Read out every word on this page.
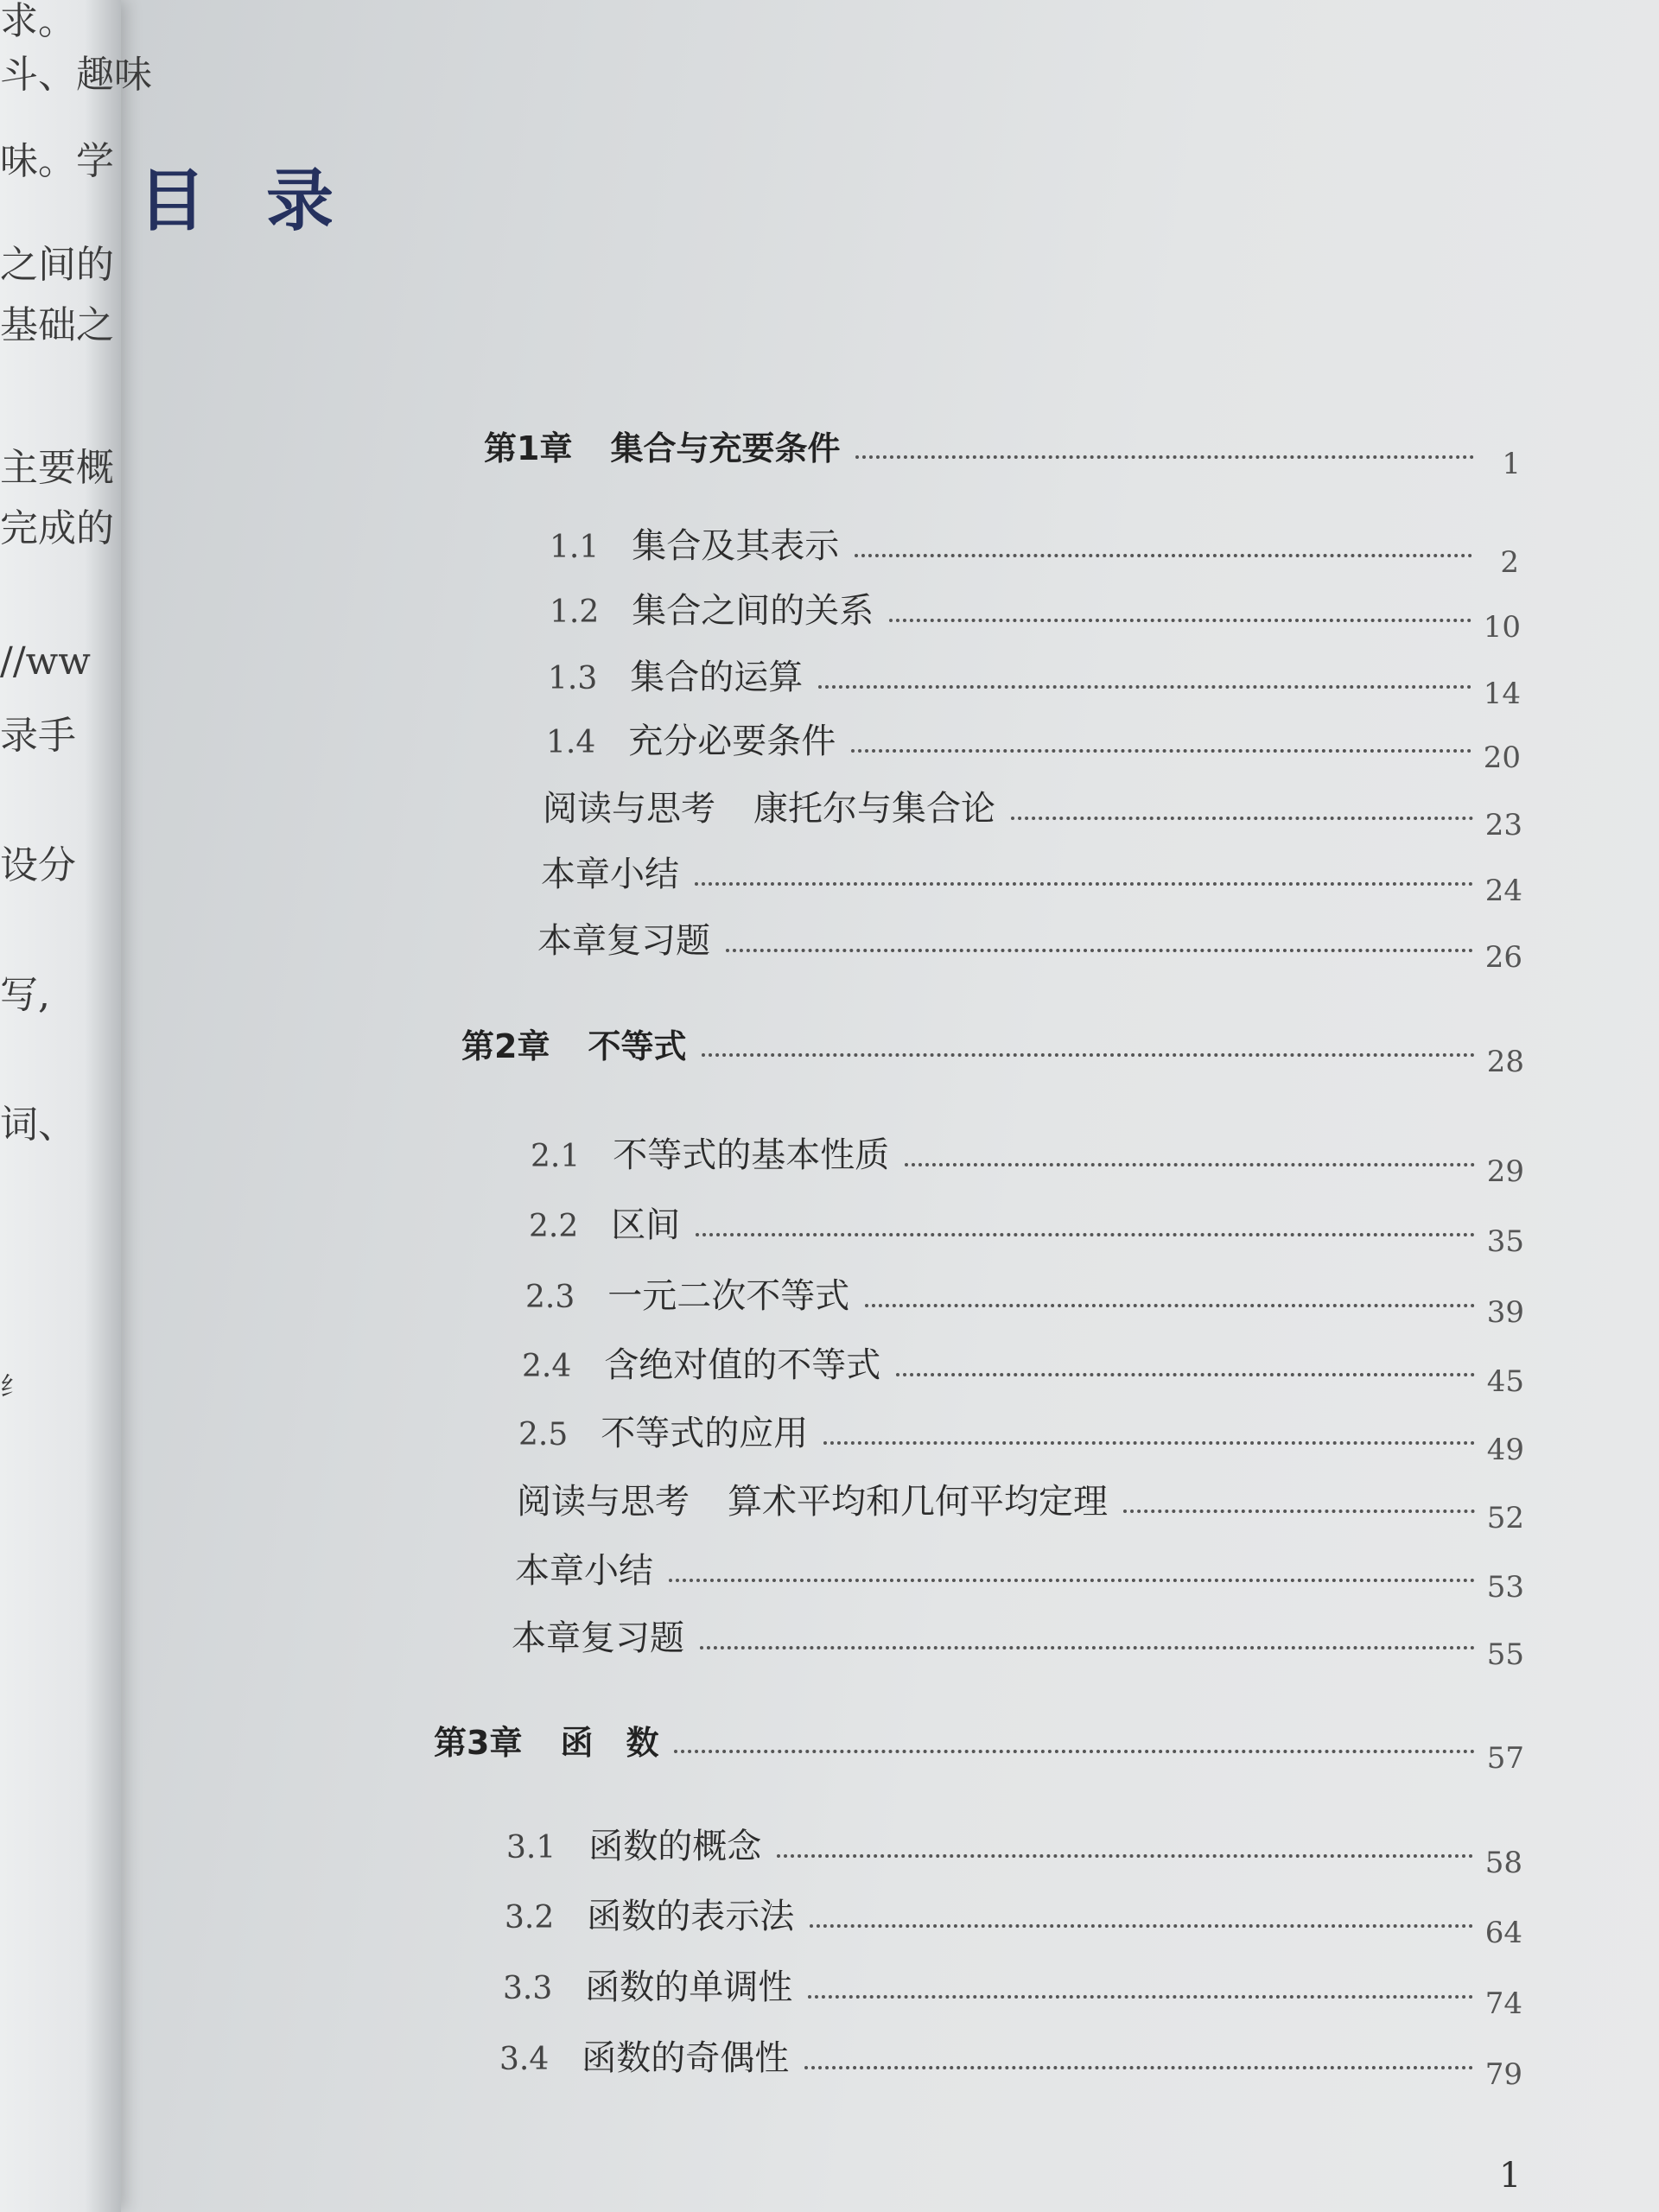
求。
斗、趣味
味。学
之间的
基础之
主要概
完成的
//ww
录手
设分
写,
词、
纟
目录
第1章 集合与充要条件	1
1.1 集合及其表示	2
1.2 集合之间的关系	10
1.3 集合的运算	14
1.4 充分必要条件	20
阅读与思考 康托尔与集合论	23
本章小结	24
本章复习题	26
第2章 不等式	28
2.1 不等式的基本性质	29
2.2 区间	35
2.3 一元二次不等式	39
2.4 含绝对值的不等式	45
2.5 不等式的应用	49
阅读与思考 算术平均和几何平均定理	52
本章小结	53
本章复习题	55
第3章 函　数	57
3.1 函数的概念	58
3.2 函数的表示法	64
3.3 函数的单调性	74
3.4 函数的奇偶性	79
1
